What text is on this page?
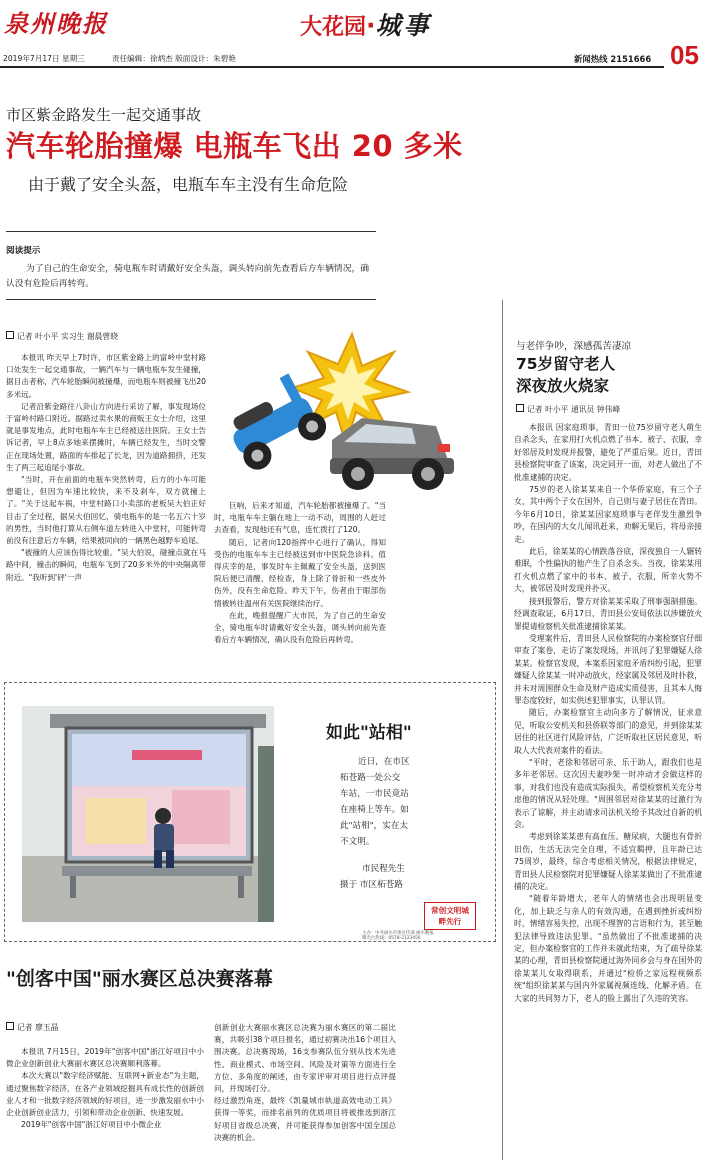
泉州晚报	大花园·城事
05
2019年7月17日 星期三	责任编辑：徐炳杰 版面设计：朱碧艳	新闻热线 2151666
市区紫金路发生一起交通事故
汽车轮胎撞爆 电瓶车飞出 20 多米
由于戴了安全头盔，电瓶车车主没有生命危险
阅读提示
为了自己的生命安全，骑电瓶车时请戴好安全头盔，调头转向前先查看后方车辆情况，确认没有危险后再转弯。
记者 叶小平 实习生 谢晨曾晓

本报讯 昨天早上7时许，市区紫金路上的富岭中堂村路口处发生一起交通事故，一辆汽车与一辆电瓶车发生碰撞，据目击者称，汽车轮胎瞬间被撞爆，而电瓶车则被撞飞出20多米远。

记者沿紫金路往八卦山方向进行采访了解，事发现场位于富岭村路口附近。据路过卖水果的商贩王女士介绍，这里就是事发地点，此时电瓶车车主已经被送往医院。王女士告诉记者，早上8点多她来摆摊时，车辆已经发生，当时交警正在现场处置，路面的车排起了长龙，因为道路拥挤，还发生了两三起追尾小事故。

"当时，开在前面的电瓶车突然转弯，后方的小车可能想避让，但因为车速比较快，来不及刹车，双方就撞上了。"关于这起车祸，中堂村路口小卖部的老板吴大伯正好目击了全过程，据吴大伯回忆，骑电瓶车的是一名五六十岁的男性，当时他打算从右侧车道左转进入中堂村，可能转弯前没有注意后方车辆，结果被同向的一辆黑色越野车追尾。

"被撞的人应该伤得比较重。"吴大伯说，碰撞点就在马路中间，撞击的瞬间，电瓶车飞到了20多米外的中央隔离带附近。"我听到'砰'一声

巨响，后来才知道，汽车轮胎都被撞爆了。"当时，电瓶车车主躺在地上一动不动，周围的人赶过去查看，发现他还有气息，连忙拨打了120。

随后，记者向120指挥中心进行了确认，得知受伤的电瓶车车主已经被送到市中医院急诊科。值得庆幸的是，事发时车主佩戴了安全头盔，送到医院后便已清醒，经检查，身上除了骨折和一些皮外伤外，没有生命危险。昨天下午，伤者由于眼部伤情被转往温州有关医院继续治疗。

在此，晚报提醒广大市民，为了自己的生命安全，骑电瓶车时请戴好安全头盔，调头转向前先查看后方车辆情况，确认没有危险后再转弯。

与老伴争吵，深感孤苦凄凉
75岁留守老人
深夜放火烧家
记者 叶小平 通讯员 钟伟峰

本报讯 因家庭琐事，青田一位75岁留守老人萌生自杀念头，在家用打火机点燃了书本、被子、衣服，幸好邻居及时发现并报警，避免了严重后果。近日，青田县检察院审查了该案，决定同开一面，对老人做出了不批准逮捕的决定。

75岁的老人徐某某来自一个华侨家庭，有三个子女，其中两个子女在国外，自己则与妻子居住在青田。今年6月10日，徐某某因家庭琐事与老伴发生激烈争吵，在国内的大女儿闻讯赶来，劝解无果后，将母亲接走。

此后，徐某某的心情跌落谷底，深夜独自一人辗转难眠，个性偏执的他产生了自杀念头。当夜，徐某某用打火机点燃了家中的书本、被子、衣服，所幸火势不大，被邻居及时发现并扑灭。

接到报警后，警方对徐某某采取了刑事强制措施。经调查取证，6月17日，青田县公安局依法以涉嫌放火罪提请检察机关批准逮捕徐某某。

受理案件后，青田县人民检察院的办案检察官仔细审查了案卷，走访了案发现场，并讯问了犯罪嫌疑人徐某某。检察官发现，本案系因家庭矛盾纠纷引起，犯罪嫌疑人徐某某一时冲动放火，经家属及邻居及时扑救，并未对周围群众生命及财产造成实质侵害，且其本人悔罪态度较好，如实供述犯罪事实，认罪认罚。

随后，办案检察官主动向多方了解情况，征求意见，听取公安机关和县侨联等部门的意见，并到徐某某居住的社区进行风险评估，广泛听取社区居民意见，听取人大代表对案件的看法。

"平时，老徐和邻居可亲、乐于助人，跟我们也是多年老邻居。这次因夫妻吵架一时冲动才会做这样的事，对我们也没有造成实际损失，希望检察机关充分考虑他的情况从轻处理。"周围邻居对徐某某的过激行为表示了谅解，并主动请求司法机关给予其改过自新的机会。

考虑到徐某某患有高血压、糖尿病，大腿也有骨折旧伤，生活无法完全自理，不适宜羁押，且年龄已达75周岁，最终，综合考虑相关情况，根据法律规定，青田县人民检察院对犯罪嫌疑人徐某某做出了不批准逮捕的决定。

"随着年龄增大，老年人的情绪也会出现明显变化，加上缺乏与亲人的有效沟通，在遇到挫折或纠纷时，情绪容易失控，出现不理智的言语和行为，甚至触犯法律导致违法犯罪。"虽然做出了不批准逮捕的决定，但办案检察官的工作并未就此结束，为了疏导徐某某的心理，青田县检察院通过海外同乡会与身在国外的徐某某儿女取得联系，并通过"检侨之家远程视频系统"组织徐某某与国内外家属视频连线、化解矛盾。在大家的共同努力下，老人的脸上露出了久违的笑容。

如此"站相"
近日，在市区
柘苍路一处公交
车站，一市民竟站
在座椅上等车。如
此"站相"，实在太
不文明。
市民程先生
摄于 市区柘苍路
常创文明城
畔先行
主办：中共丽水市委宣传部 丽水晚报
曝光台热线：0578-2123456
"创客中国"丽水赛区总决赛落幕
记者 廖玉晶

本报讯 7月15日，2019年"创客中国"浙江好项目中小微企业创新创业大赛丽水赛区总决赛顺利落幕。

本次大赛以"数字经济赋能、互联网+新业态"为主题，通过聚焦数字经济，在各产业领域挖掘具有成长性的创新创业人才和一批数字经济领域的好项目，进一步激发丽水中小企业创新创业活力，引领和带动企业创新、快速发展。

2019年"创客中国"浙江好项目中小微企业

创新创业大赛丽水赛区总决赛为丽水赛区的第二届比赛，共吸引38个项目报名，通过初赛决出16个项目入围决赛。总决赛现场，16支参赛队伍分别从技术先进性、商业模式、市场空间、风险及对策等方面进行全方位、多角度的阐述，由专家评审对项目进行点评提问，并现场打分。

经过激烈角逐，最终《凯量城市轨道高效电动工具》获得一等奖，而排名前列的优质项目将被推选到浙江好项目省级总决赛，并可能获得参加创客中国全国总决赛的机会。
